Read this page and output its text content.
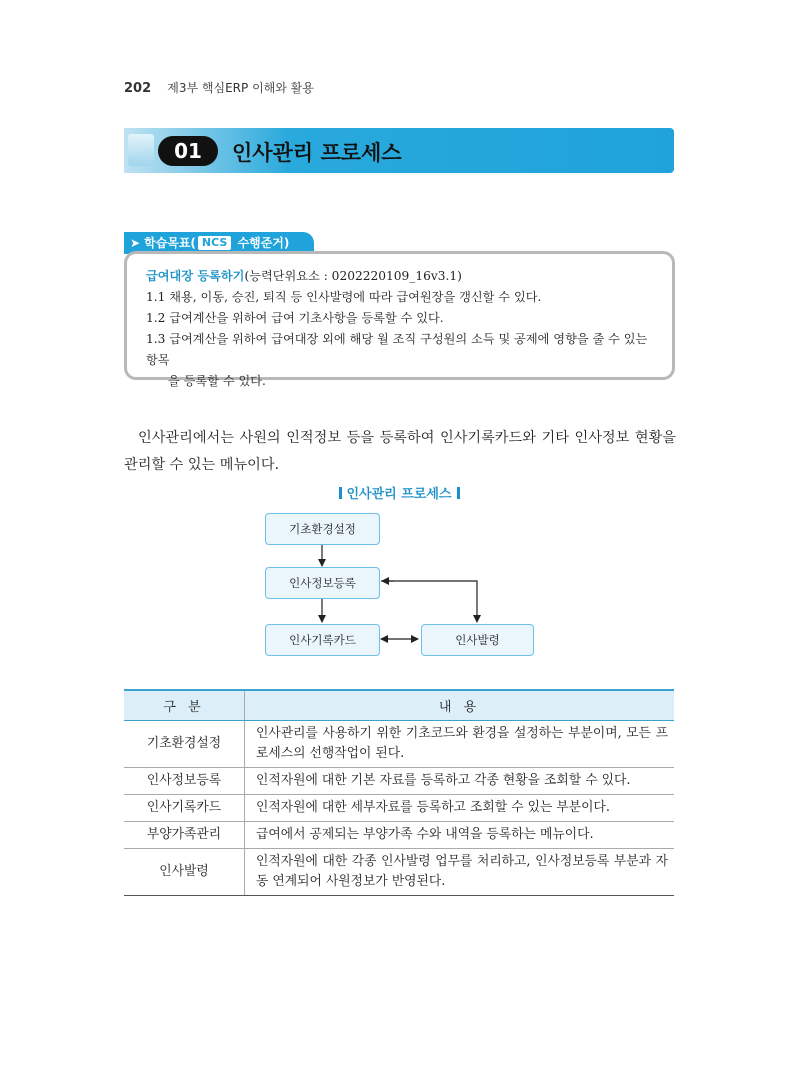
202 제3부 핵심ERP 이해와 활용
01	인사관리 프로세스
➤ 학습목표( NCS 수행준거)
급여대장 등록하기(능력단위요소 : 0202220109_16v3.1)
1.1 채용, 이동, 승진, 퇴직 등 인사발령에 따라 급여원장을 갱신할 수 있다.
1.2 급여계산을 위하여 급여 기초사항을 등록할 수 있다.
1.3 급여계산을 위하여 급여대장 외에 해당 월 조직 구성원의 소득 및 공제에 영향을 줄 수 있는 항목
을 등록할 수 있다.

인사관리에서는 사원의 인적정보 등을 등록하여 인사기록카드와 기타 인사정보 현황을 관리할 수 있는 메뉴이다.

인사관리 프로세스
기초환경설정
인사정보등록
인사기록카드	인사발령
구 분	내 용
기초환경설정	인사관리를 사용하기 위한 기초코드와 환경을 설정하는 부분이며, 모든 프로세스의 선행작업이 된다.
인사정보등록	인적자원에 대한 기본 자료를 등록하고 각종 현황을 조회할 수 있다.
인사기록카드	인적자원에 대한 세부자료를 등록하고 조회할 수 있는 부분이다.
부양가족관리	급여에서 공제되는 부양가족 수와 내역을 등록하는 메뉴이다.
인사발령	인적자원에 대한 각종 인사발령 업무를 처리하고, 인사정보등록 부분과 자동 연계되어 사원정보가 반영된다.
